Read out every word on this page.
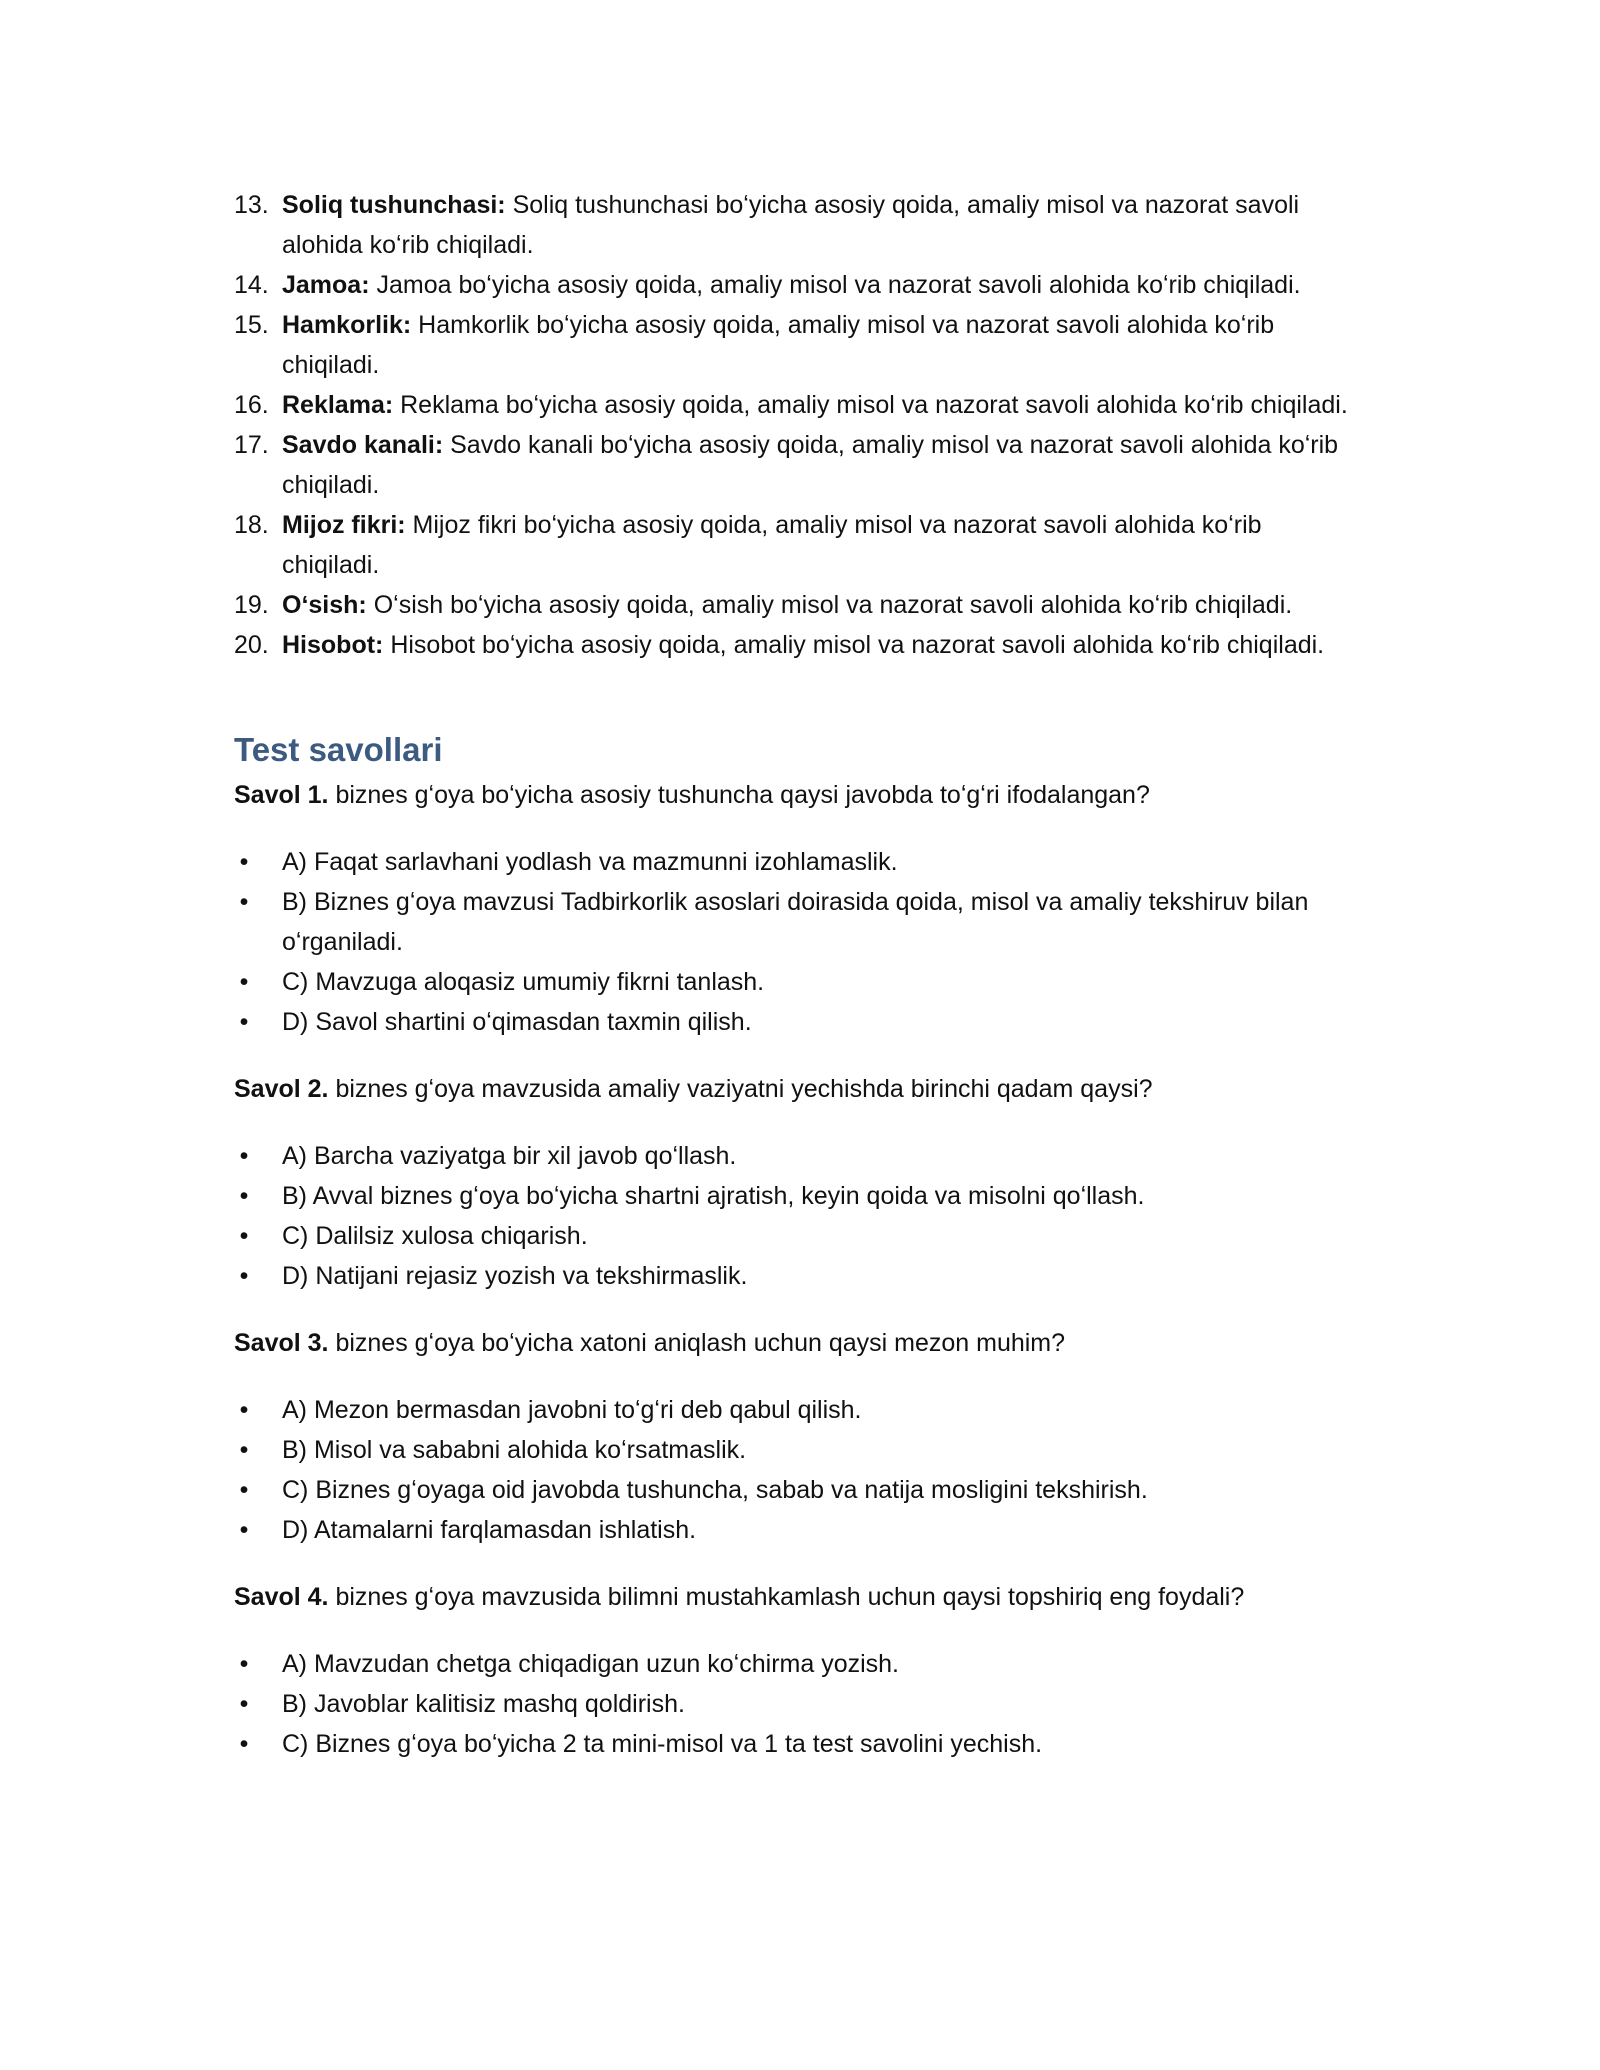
13. Soliq tushunchasi: Soliq tushunchasi boʻyicha asosiy qoida, amaliy misol va nazorat savoli alohida koʻrib chiqiladi.
14. Jamoa: Jamoa boʻyicha asosiy qoida, amaliy misol va nazorat savoli alohida koʻrib chiqiladi.
15. Hamkorlik: Hamkorlik boʻyicha asosiy qoida, amaliy misol va nazorat savoli alohida koʻrib chiqiladi.
16. Reklama: Reklama boʻyicha asosiy qoida, amaliy misol va nazorat savoli alohida koʻrib chiqiladi.
17. Savdo kanali: Savdo kanali boʻyicha asosiy qoida, amaliy misol va nazorat savoli alohida koʻrib chiqiladi.
18. Mijoz fikri: Mijoz fikri boʻyicha asosiy qoida, amaliy misol va nazorat savoli alohida koʻrib chiqiladi.
19. Oʻsish: Oʻsish boʻyicha asosiy qoida, amaliy misol va nazorat savoli alohida koʻrib chiqiladi.
20. Hisobot: Hisobot boʻyicha asosiy qoida, amaliy misol va nazorat savoli alohida koʻrib chiqiladi.
Test savollari
Savol 1. biznes gʻoya boʻyicha asosiy tushuncha qaysi javobda toʻgʻri ifodalangan?
• A) Faqat sarlavhani yodlash va mazmunni izohlamaslik.
• B) Biznes gʻoya mavzusi Tadbirkorlik asoslari doirasida qoida, misol va amaliy tekshiruv bilan oʻrganiladi.
• C) Mavzuga aloqasiz umumiy fikrni tanlash.
• D) Savol shartini oʻqimasdan taxmin qilish.
Savol 2. biznes gʻoya mavzusida amaliy vaziyatni yechishda birinchi qadam qaysi?
• A) Barcha vaziyatga bir xil javob qoʻllash.
• B) Avval biznes gʻoya boʻyicha shartni ajratish, keyin qoida va misolni qoʻllash.
• C) Dalilsiz xulosa chiqarish.
• D) Natijani rejasiz yozish va tekshirmaslik.
Savol 3. biznes gʻoya boʻyicha xatoni aniqlash uchun qaysi mezon muhim?
• A) Mezon bermasdan javobni toʻgʻri deb qabul qilish.
• B) Misol va sababni alohida koʻrsatmaslik.
• C) Biznes gʻoyaga oid javobda tushuncha, sabab va natija mosligini tekshirish.
• D) Atamalarni farqlamasdan ishlatish.
Savol 4. biznes gʻoya mavzusida bilimni mustahkamlash uchun qaysi topshiriq eng foydali?
• A) Mavzudan chetga chiqadigan uzun koʻchirma yozish.
• B) Javoblar kalitisiz mashq qoldirish.
• C) Biznes gʻoya boʻyicha 2 ta mini-misol va 1 ta test savolini yechish.
